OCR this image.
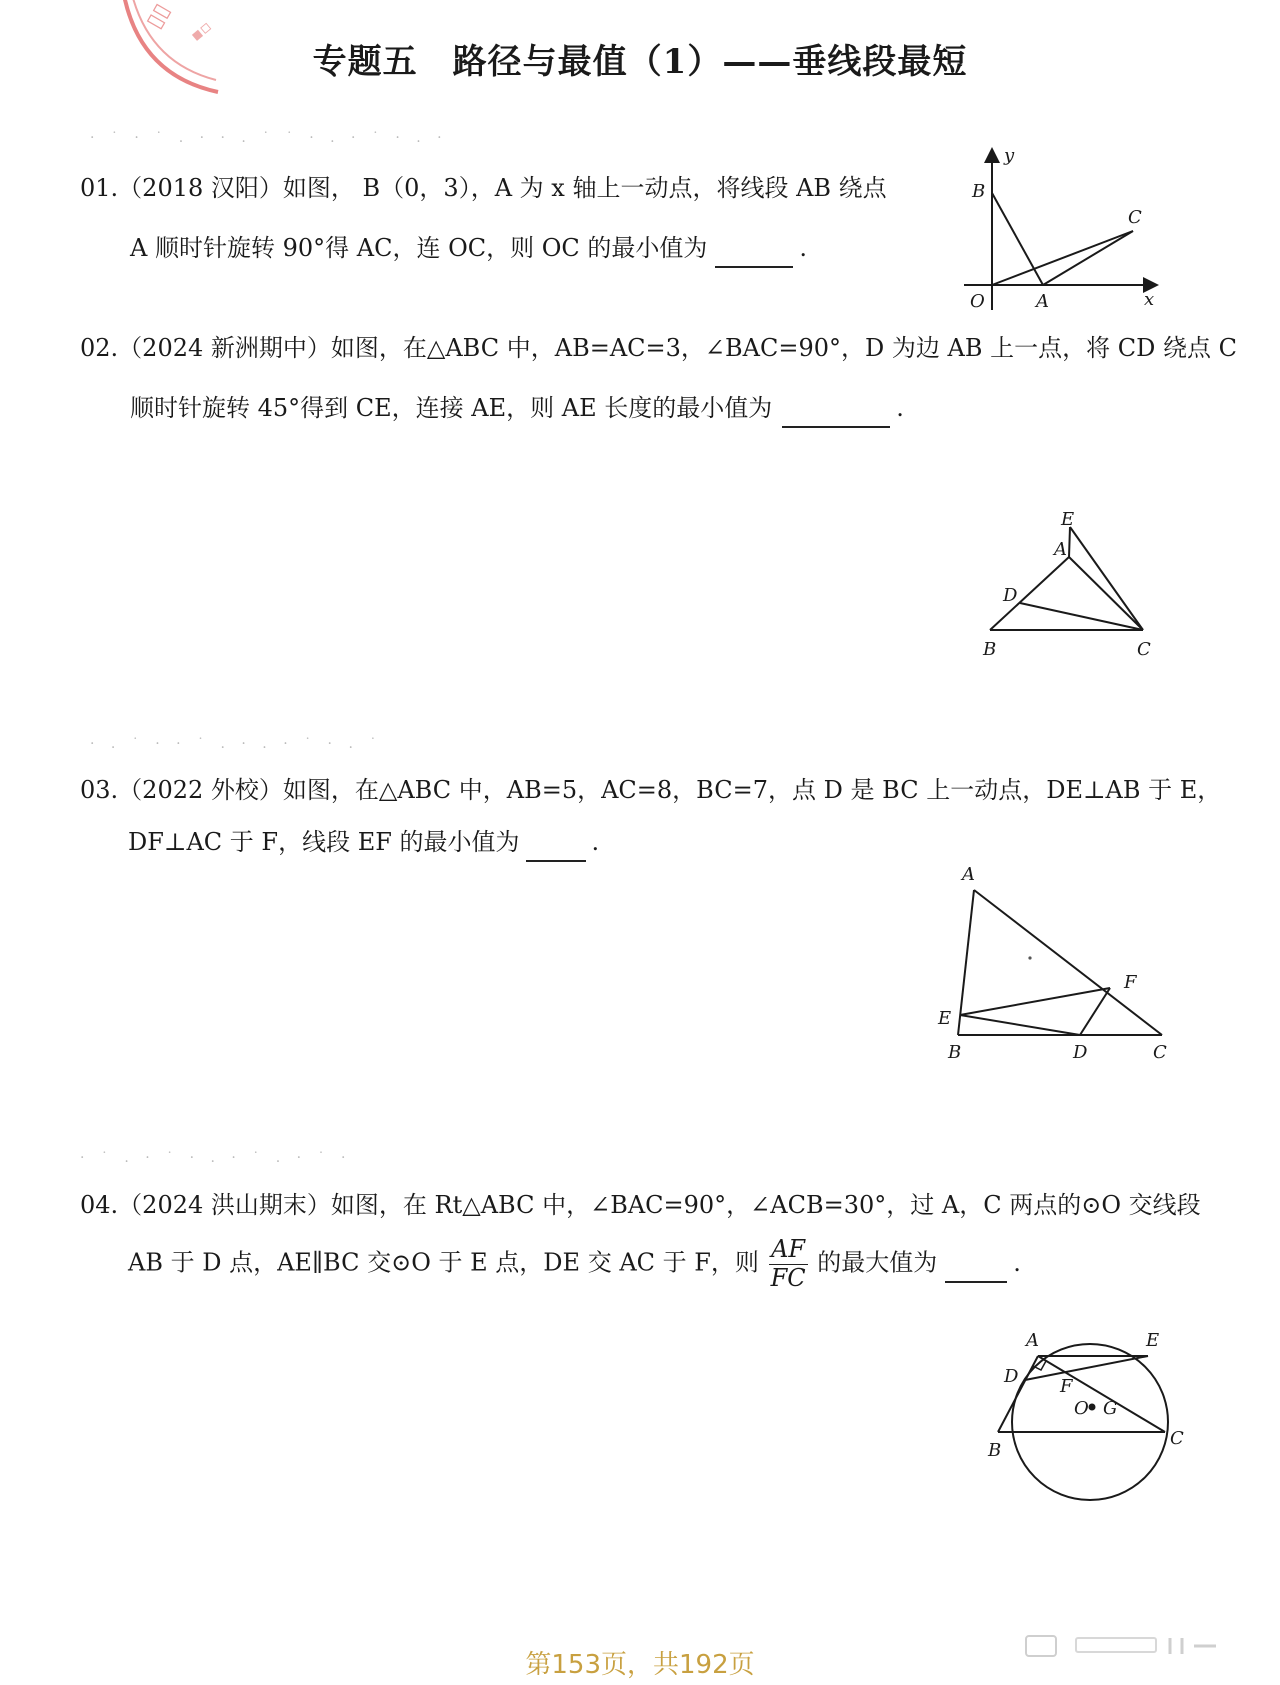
▯▯ ▪▫
专题五　路径与最值（1）——垂线段最短
· ˙ · ˙ . · · . ˙ ˙ · . · ˙ · . ·
· . ˙ · · ˙ . · . · ˙ · . ˙
· ˙ . · ˙ · . · ˙ . · ˙ ·
01.（2018 汉阳）如图， B（0，3），A 为 x 轴上一动点，将线段 AB 绕点
A 顺时针旋转 90°得 AC，连 OC，则 OC 的最小值为	.
y
B
C
O	A	x
02.（2024 新洲期中）如图，在△ABC 中，AB=AC=3，∠BAC=90°，D 为边 AB 上一点，将 CD 绕点 C
顺时针旋转 45°得到 CE，连接 AE，则 AE 长度的最小值为	.
E
A
D
B	C
03.（2022 外校）如图，在△ABC 中，AB=5，AC=8，BC=7，点 D 是 BC 上一动点，DE⊥AB 于 E，
DF⊥AC 于 F，线段 EF 的最小值为	.
A
F
E
B	D	C
04.（2024 洪山期末）如图，在 Rt△ABC 中，∠BAC=90°，∠ACB=30°，过 A，C 两点的⊙O 交线段
AB 于 D 点，AE∥BC 交⊙O 于 E 点，DE 交 AC 于 F，则 $\frac{AF}{FC}$ 的最大值为	.
A	E
D F
O G
B
C
第153页，共192页
